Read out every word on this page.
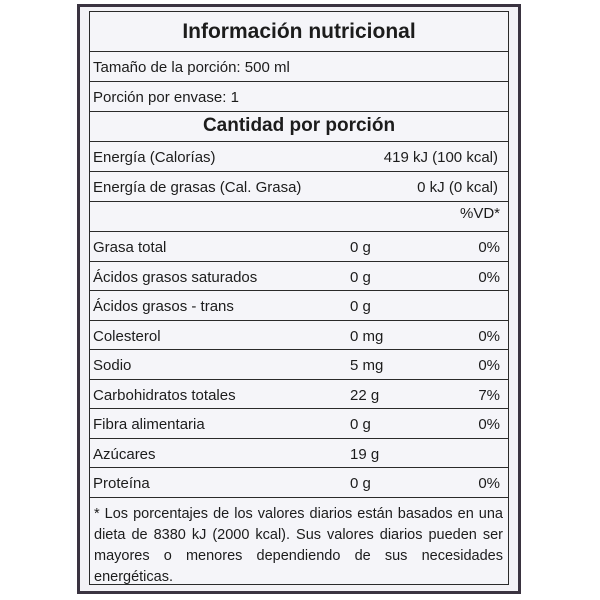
Información nutricional
Tamaño de la porción: 500 ml
Porción por envase: 1
Cantidad por porción
Energía (Calorías)	419 kJ (100 kcal)
Energía de grasas (Cal. Grasa)	0 kJ (0 kcal)
%VD*
Grasa total	0 g	0%
Ácidos grasos saturados	0 g	0%
Ácidos grasos - trans	0 g
Colesterol	0 mg	0%
Sodio	5 mg	0%
Carbohidratos totales	22 g	7%
Fibra alimentaria	0 g	0%
Azúcares	19 g
Proteína	0 g	0%
* Los porcentajes de los valores diarios están basados en una dieta de 8380 kJ (2000 kcal). Sus valores diarios pueden ser mayores o menores dependiendo de sus necesidades energéticas.
